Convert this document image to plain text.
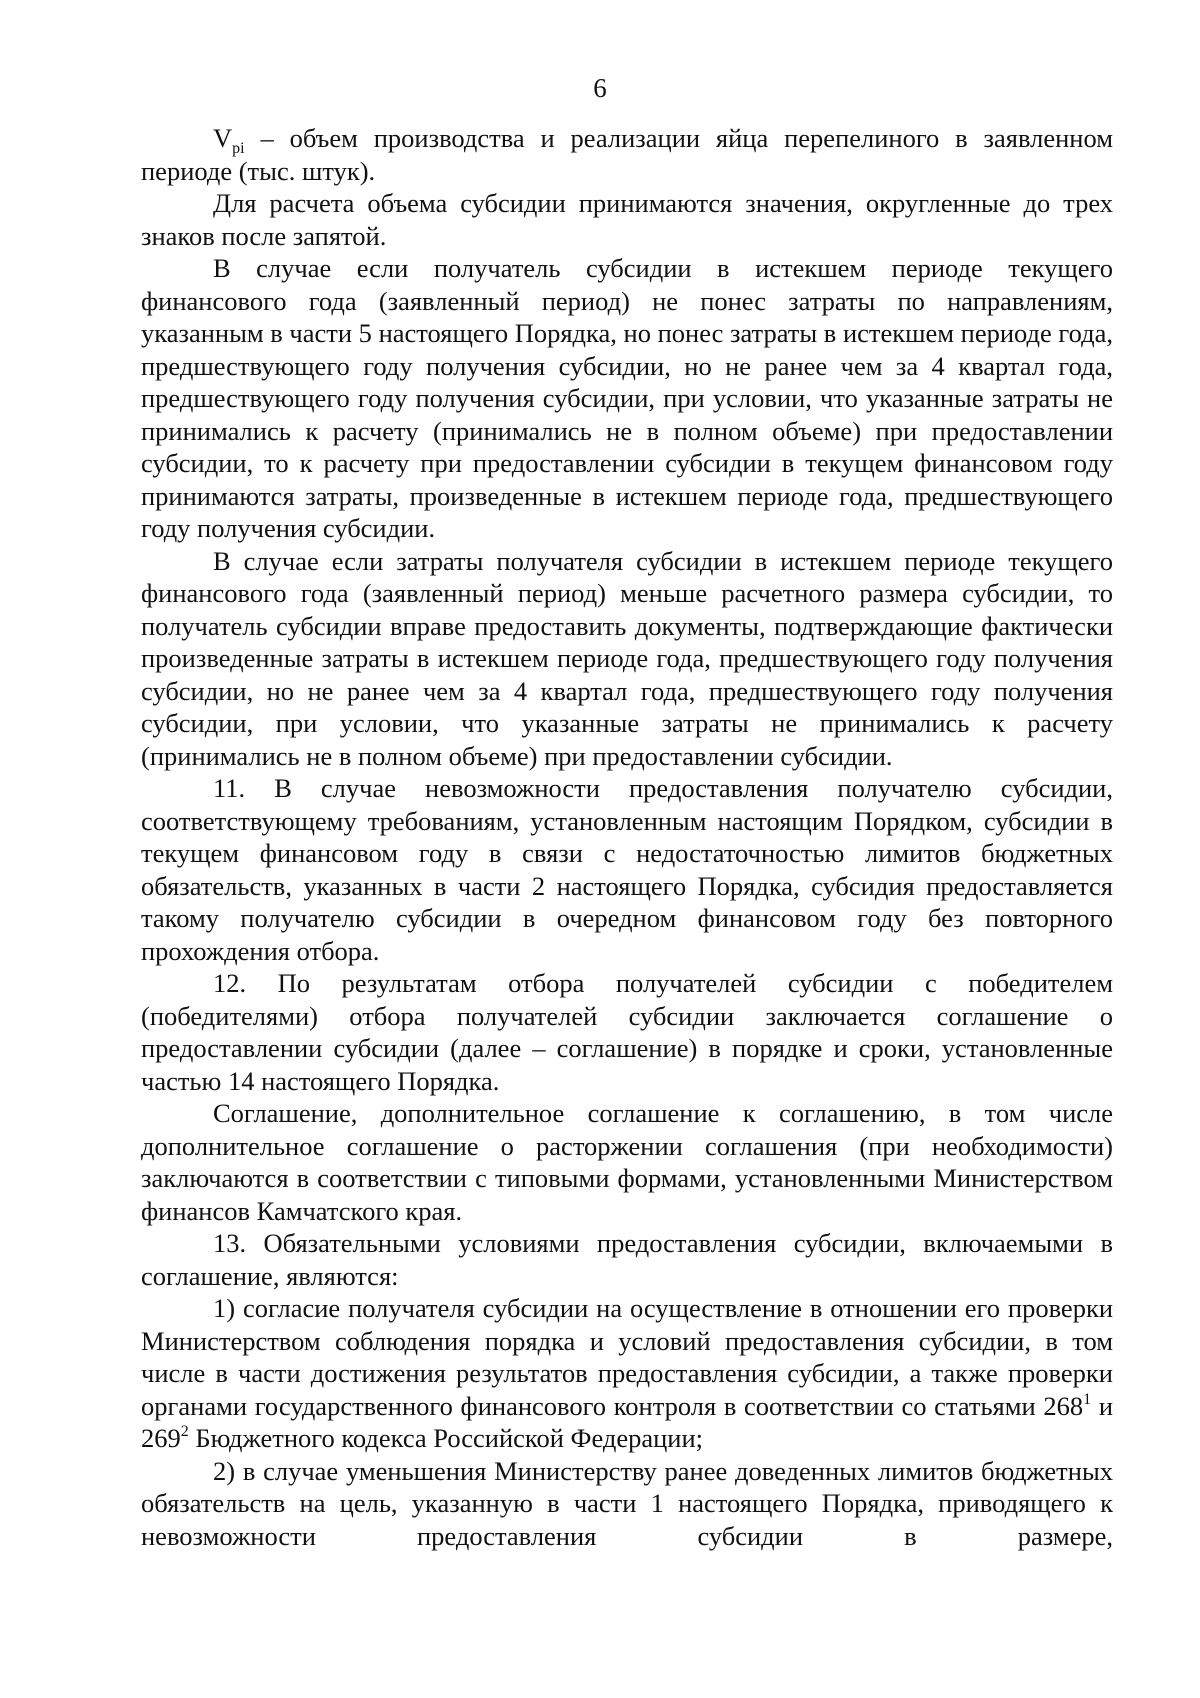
6

$V_{pi}$ – объем производства и реализации яйца перепелиного в заявленном периоде (тыс. штук).

Для расчета объема субсидии принимаются значения, округленные до трех знаков после запятой.

В случае если получатель субсидии в истекшем периоде текущего финансового года (заявленный период) не понес затраты по направлениям, указанным в части 5 настоящего Порядка, но понес затраты в истекшем периоде года, предшествующего году получения субсидии, но не ранее чем за 4 квартал года, предшествующего году получения субсидии, при условии, что указанные затраты не принимались к расчету (принимались не в полном объеме) при предоставлении субсидии, то к расчету при предоставлении субсидии в текущем финансовом году принимаются затраты, произведенные в истекшем периоде года, предшествующего году получения субсидии.

В случае если затраты получателя субсидии в истекшем периоде текущего финансового года (заявленный период) меньше расчетного размера субсидии, то получатель субсидии вправе предоставить документы, подтверждающие фактически произведенные затраты в истекшем периоде года, предшествующего году получения субсидии, но не ранее чем за 4 квартал года, предшествующего году получения субсидии, при условии, что указанные затраты не принимались к расчету (принимались не в полном объеме) при предоставлении субсидии.

11. В случае невозможности предоставления получателю субсидии, соответствующему требованиям, установленным настоящим Порядком, субсидии в текущем финансовом году в связи с недостаточностью лимитов бюджетных обязательств, указанных в части 2 настоящего Порядка, субсидия предоставляется такому получателю субсидии в очередном финансовом году без повторного прохождения отбора.

12. По результатам отбора получателей субсидии с победителем (победителями) отбора получателей субсидии заключается соглашение о предоставлении субсидии (далее – соглашение) в порядке и сроки, установленные частью 14 настоящего Порядка.

Соглашение, дополнительное соглашение к соглашению, в том числе дополнительное соглашение о расторжении соглашения (при необходимости) заключаются в соответствии с типовыми формами, установленными Министерством финансов Камчатского края.

13. Обязательными условиями предоставления субсидии, включаемыми в соглашение, являются:

1) согласие получателя субсидии на осуществление в отношении его проверки Министерством соблюдения порядка и условий предоставления субсидии, в том числе в части достижения результатов предоставления субсидии, а также проверки органами государственного финансового контроля в соответствии со статьями $268^1$ и $269^2$ Бюджетного кодекса Российской Федерации;

2) в случае уменьшения Министерству ранее доведенных лимитов бюджетных обязательств на цель, указанную в части 1 настоящего Порядка, приводящего к невозможности предоставления субсидии в размере,
